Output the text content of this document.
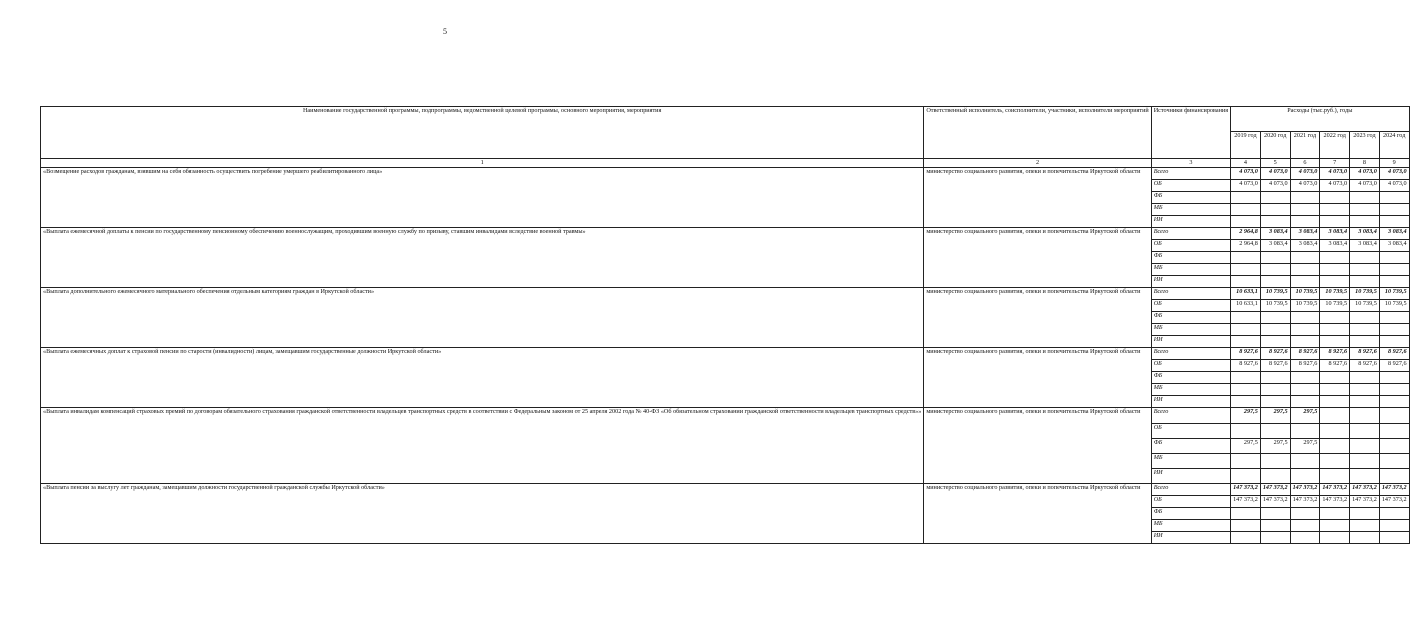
5
Наименование государственной программы, подпрограммы, ведомственной целевой программы, основного мероприятия, мероприятия	Ответственный исполнитель, соисполнители, участники, исполнители мероприятий	Источники финансирования	Расходы (тыс.руб.), годы					
			2019 год	2020 год	2021 год	2022 год	2023 год	2024 год
1	2	3	4	5	6	7	8	9
«Возмещение расходов гражданам, взявшим на себя обязанность осуществить погребение умершего реабилитированного лица»	министерство социального развития, опеки и попечительства Иркутской области	Всего	4 073,0	4 073,0	4 073,0	4 073,0	4 073,0	4 073,0
		ОБ	4 073,0	4 073,0	4 073,0	4 073,0	4 073,0	4 073,0
		ФБ						
		МБ						
		ИИ						
«Выплата ежемесячной доплаты к пенсии по государственному пенсионному обеспечению военнослужащим, проходившим военную службу по призыву, ставшим инвалидами вследствие военной травмы»	министерство социального развития, опеки и попечительства Иркутской области	Всего	2 964,8	3 083,4	3 083,4	3 083,4	3 083,4	3 083,4
		ОБ	2 964,8	3 083,4	3 083,4	3 083,4	3 083,4	3 083,4
		ФБ						
		МБ						
		ИИ						
«Выплата дополнительного ежемесячного материального обеспечения отдельным категориям граждан в Иркутской области»	министерство социального развития, опеки и попечительства Иркутской области	Всего	10 633,1	10 739,5	10 739,5	10 739,5	10 739,5	10 739,5
		ОБ	10 633,1	10 739,5	10 739,5	10 739,5	10 739,5	10 739,5
		ФБ						
		МБ						
		ИИ						
«Выплата ежемесячных доплат к страховой пенсии по старости (инвалидности) лицам, замещавшим государственные должности Иркутской области»	министерство социального развития, опеки и попечительства Иркутской области	Всего	8 927,6	8 927,6	8 927,6	8 927,6	8 927,6	8 927,6
		ОБ	8 927,6	8 927,6	8 927,6	8 927,6	8 927,6	8 927,6
		ФБ						
		МБ						
		ИИ						
«Выплата инвалидам компенсаций страховых премий по договорам обязательного страхования гражданской ответственности владельцев транспортных средств в соответствии с Федеральным законом от 25 апреля 2002 года № 40-ФЗ «Об обязательном страховании гражданской ответственности владельцев транспортных средств»»	министерство социального развития, опеки и попечительства Иркутской области	Всего	297,5	297,5	297,5			
		ОБ						
		ФБ	297,5	297,5	297,5			
		МБ						
		ИИ						
«Выплата пенсии за выслугу лет гражданам, замещавшим должности государственной гражданской службы Иркутской области»	министерство социального развития, опеки и попечительства Иркутской области	Всего	147 373,2	147 373,2	147 373,2	147 373,2	147 373,2	147 373,2
		ОБ	147 373,2	147 373,2	147 373,2	147 373,2	147 373,2	147 373,2
		ФБ						
		МБ						
		ИИ						
